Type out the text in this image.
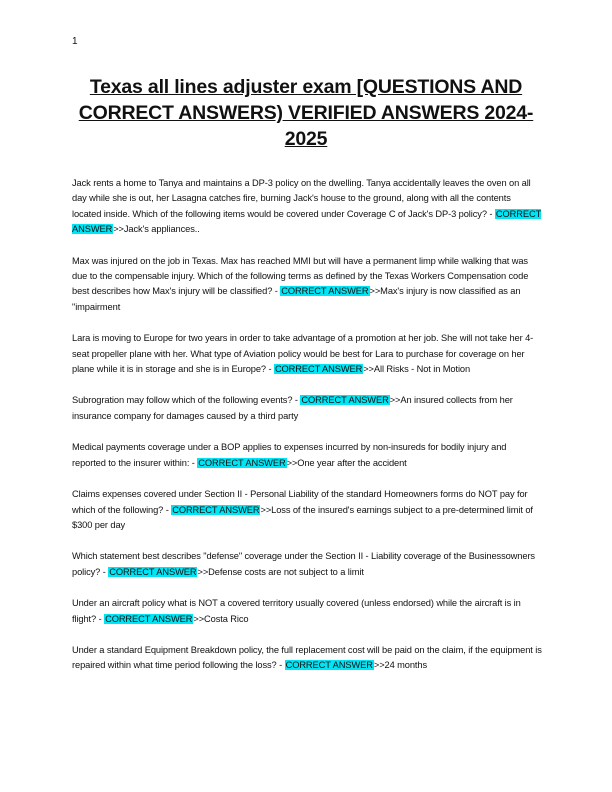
1
Texas all lines adjuster exam [QUESTIONS AND CORRECT ANSWERS) VERIFIED ANSWERS 2024-2025

Jack rents a home to Tanya and maintains a DP-3 policy on the dwelling. Tanya accidentally leaves the oven on all day while she is out, her Lasagna catches fire, burning Jack's house to the ground, along with all the contents located inside. Which of the following items would be covered under Coverage C of Jack's DP-3 policy? - CORRECT ANSWER>>Jack's appliances..

Max was injured on the job in Texas. Max has reached MMI but will have a permanent limp while walking that was due to the compensable injury. Which of the following terms as defined by the Texas Workers Compensation code best describes how Max's injury will be classified? - CORRECT ANSWER>>Max's injury is now classified as an "impairment

Lara is moving to Europe for two years in order to take advantage of a promotion at her job. She will not take her 4-seat propeller plane with her. What type of Aviation policy would be best for Lara to purchase for coverage on her plane while it is in storage and she is in Europe? - CORRECT ANSWER>>All Risks - Not in Motion

Subrogration may follow which of the following events? - CORRECT ANSWER>>An insured collects from her insurance company for damages caused by a third party

Medical payments coverage under a BOP applies to expenses incurred by non-insureds for bodily injury and reported to the insurer within: - CORRECT ANSWER>>One year after the accident

Claims expenses covered under Section II - Personal Liability of the standard Homeowners forms do NOT pay for which of the following? - CORRECT ANSWER>>Loss of the insured's earnings subject to a pre-determined limit of $300 per day

Which statement best describes "defense" coverage under the Section II - Liability coverage of the Businessowners policy? - CORRECT ANSWER>>Defense costs are not subject to a limit

Under an aircraft policy what is NOT a covered territory usually covered (unless endorsed) while the aircraft is in flight? - CORRECT ANSWER>>Costa Rico

Under a standard Equipment Breakdown policy, the full replacement cost will be paid on the claim, if the equipment is repaired within what time period following the loss? - CORRECT ANSWER>>24 months
